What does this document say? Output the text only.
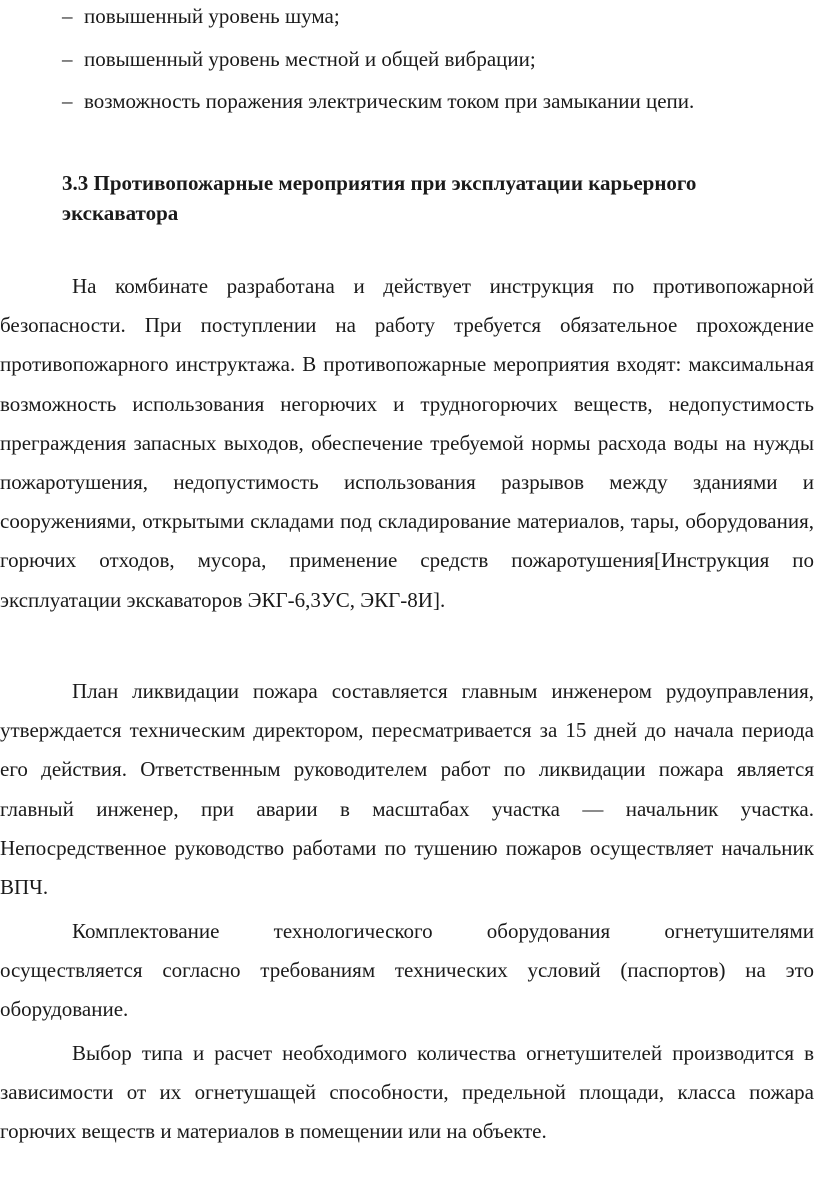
– повышенный уровень шума;
– повышенный уровень местной и общей вибрации;
– возможность поражения электрическим током при замыкании цепи.
3.3 Противопожарные мероприятия при эксплуатации карьерного экскаватора

На комбинате разработана и действует инструкция по противопожарной безопасности. При поступлении на работу требуется обязательное прохождение противопожарного инструктажа. В противопожарные мероприятия входят: максимальная возможность использования негорючих и трудногорючих веществ, недопустимость преграждения запасных выходов, обеспечение требуемой нормы расхода воды на нужды пожаротушения, недопустимость использования разрывов между зданиями и сооружениями, открытыми складами под складирование материалов, тары, оборудования, горючих отходов, мусора, применение средств пожаротушения[Инструкция по эксплуатации экскаваторов ЭКГ-6,3УС, ЭКГ-8И].

План ликвидации пожара составляется главным инженером рудоуправления, утверждается техническим директором, пересматривается за 15 дней до начала периода его действия. Ответственным руководителем работ по ликвидации пожара является главный инженер, при аварии в масштабах участка — начальник участка. Непосредственное руководство работами по тушению пожаров осуществляет начальник ВПЧ.

Комплектование технологического оборудования огнетушителями осуществляется согласно требованиям технических условий (паспортов) на это оборудование.

Выбор типа и расчет необходимого количества огнетушителей производится в зависимости от их огнетушащей способности, предельной площади, класса пожара горючих веществ и материалов в помещении или на объекте.
